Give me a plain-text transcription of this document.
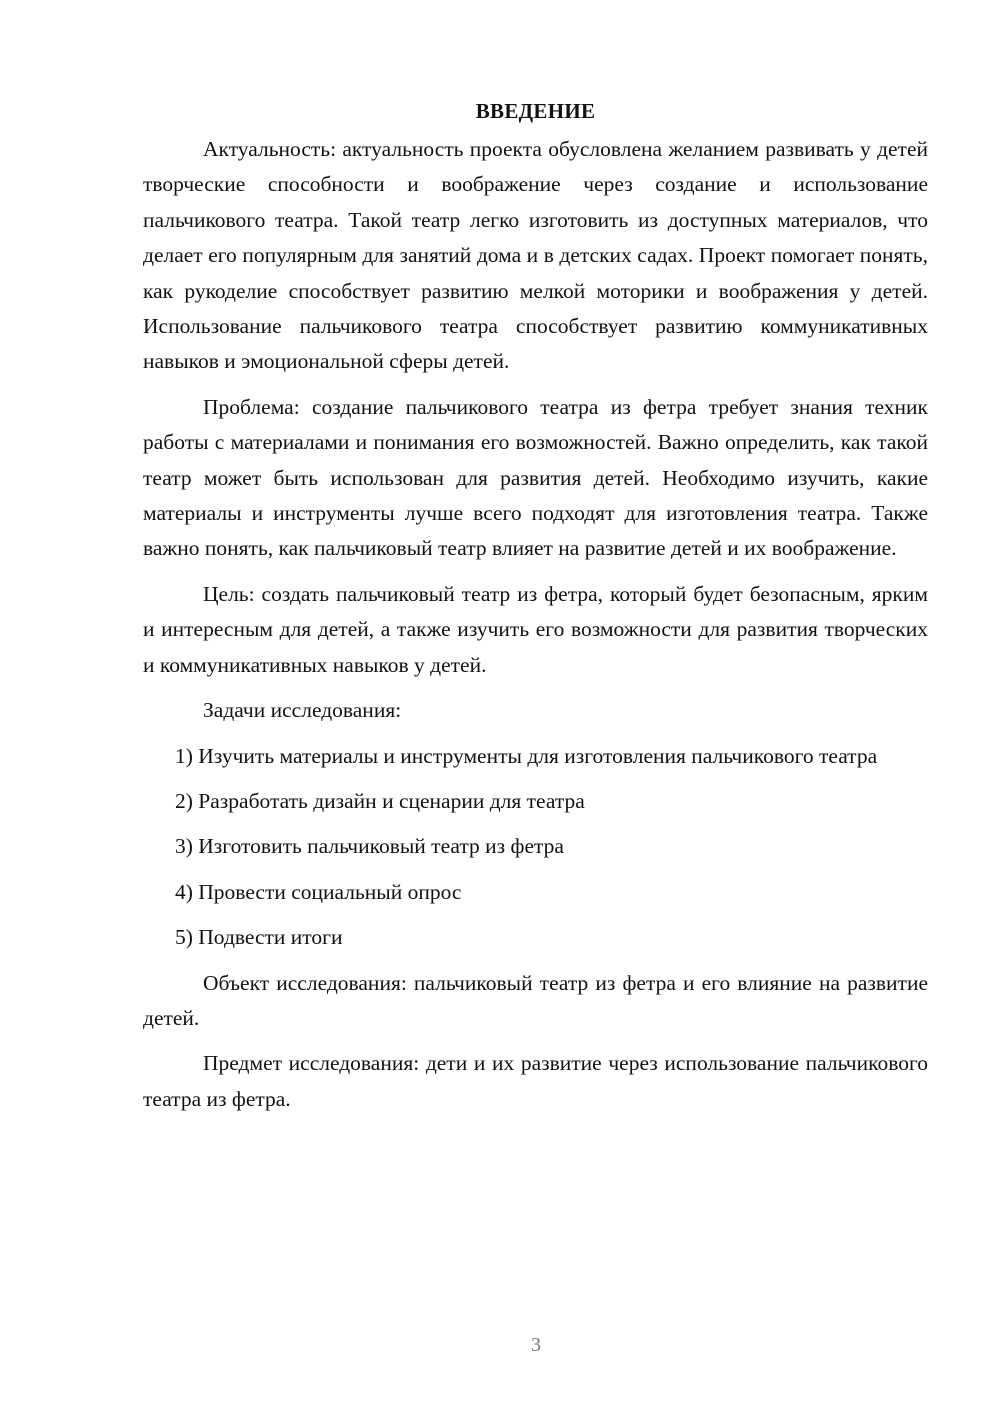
ВВЕДЕНИЕ

Актуальность: актуальность проекта обусловлена желанием развивать у детей творческие способности и воображение через создание и использование пальчикового театра. Такой театр легко изготовить из доступных материалов, что делает его популярным для занятий дома и в детских садах. Проект помогает понять, как рукоделие способствует развитию мелкой моторики и воображения у детей. Использование пальчикового театра способствует развитию коммуникативных навыков и эмоциональной сферы детей.

Проблема: создание пальчикового театра из фетра требует знания техник работы с материалами и понимания его возможностей. Важно определить, как такой театр может быть использован для развития детей. Необходимо изучить, какие материалы и инструменты лучше всего подходят для изготовления театра. Также важно понять, как пальчиковый театр влияет на развитие детей и их воображение.

Цель: создать пальчиковый театр из фетра, который будет безопасным, ярким и интересным для детей, а также изучить его возможности для развития творческих и коммуникативных навыков у детей.

Задачи исследования:

1) Изучить материалы и инструменты для изготовления пальчикового театра

2) Разработать дизайн и сценарии для театра

3) Изготовить пальчиковый театр из фетра

4) Провести социальный опрос

5) Подвести итоги

Объект исследования: пальчиковый театр из фетра и его влияние на развитие детей.

Предмет исследования: дети и их развитие через использование пальчикового театра из фетра.

3
